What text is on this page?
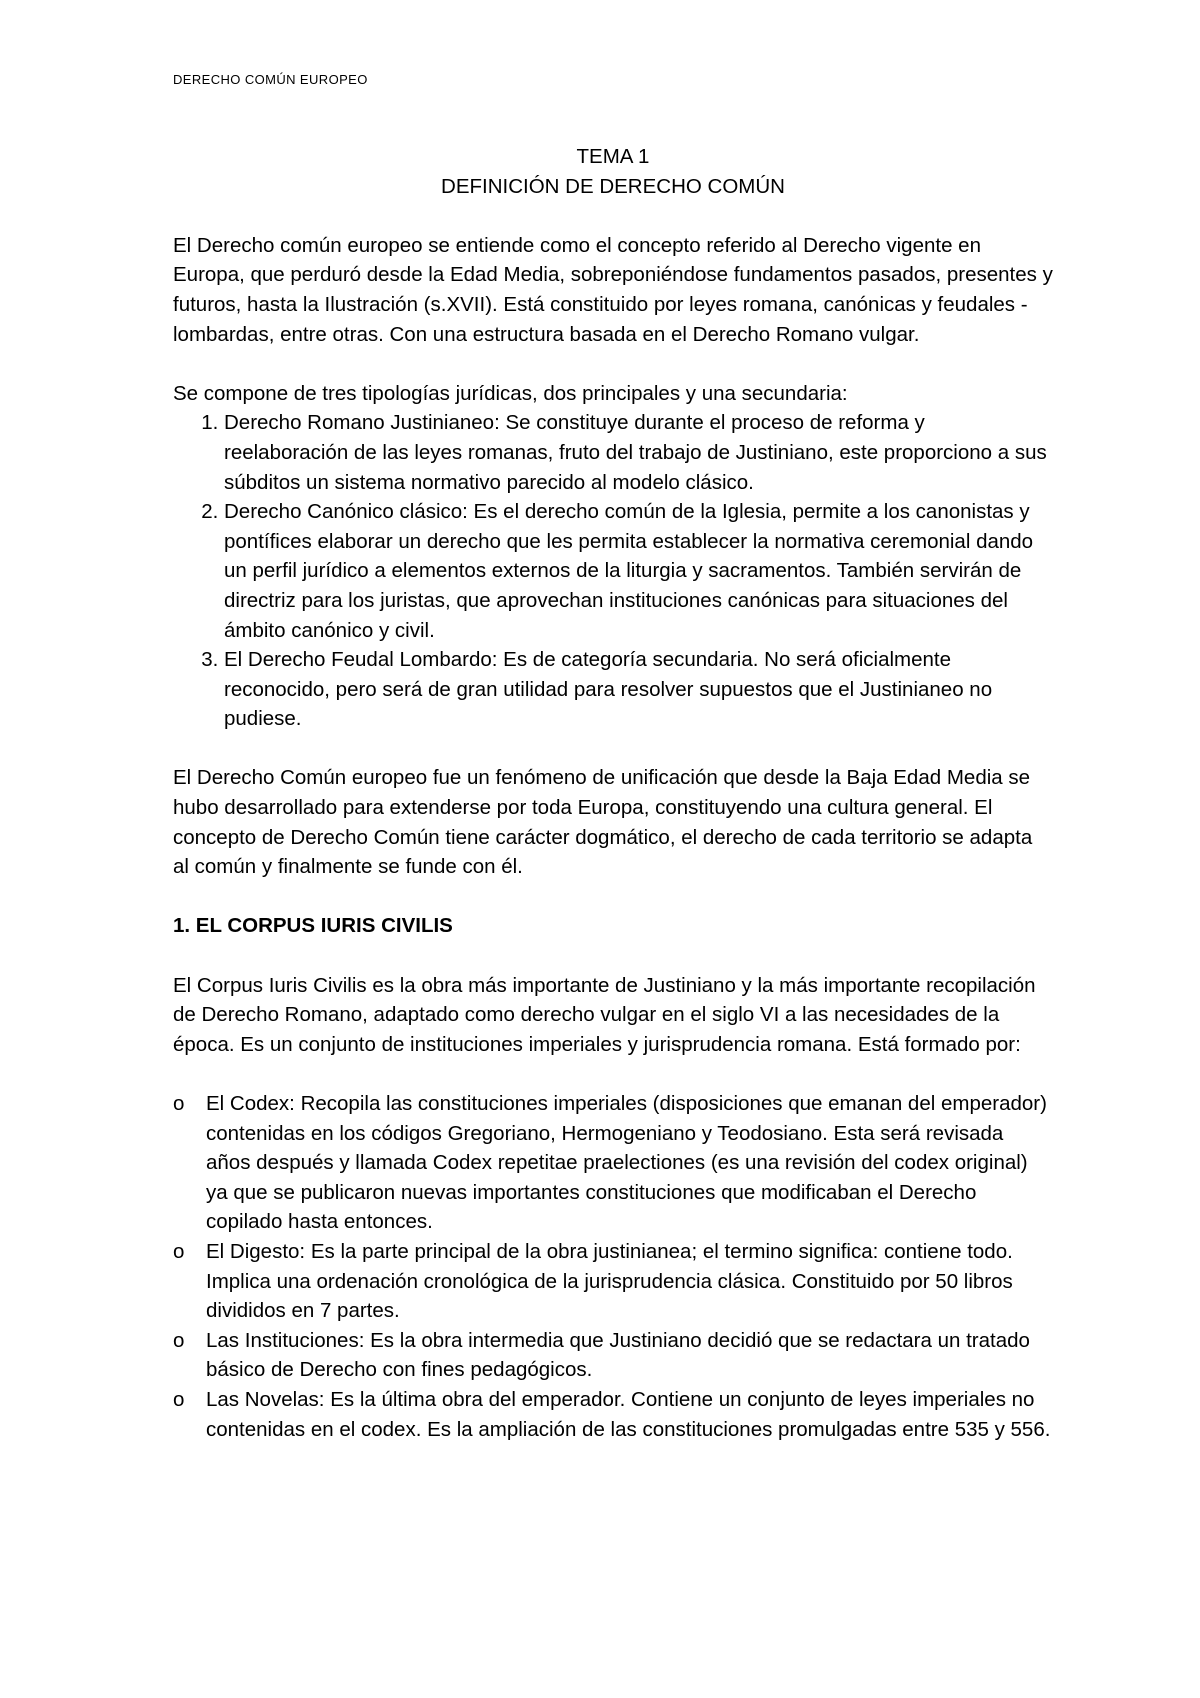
DERECHO COMÚN EUROPEO
TEMA 1
DEFINICIÓN DE DERECHO COMÚN

El Derecho común europeo se entiende como el concepto referido al Derecho vigente en Europa, que perduró desde la Edad Media, sobreponiéndose fundamentos pasados, presentes y futuros, hasta la Ilustración (s.XVII). Está constituido por leyes romana, canónicas y feudales -lombardas, entre otras. Con una estructura basada en el Derecho Romano vulgar.

Se compone de tres tipologías jurídicas, dos principales y una secundaria:

1. Derecho Romano Justinianeo: Se constituye durante el proceso de reforma y reelaboración de las leyes romanas, fruto del trabajo de Justiniano, este proporciono a sus súbditos un sistema normativo parecido al modelo clásico.
2. Derecho Canónico clásico: Es el derecho común de la Iglesia, permite a los canonistas y pontífices elaborar un derecho que les permita establecer la normativa ceremonial dando un perfil jurídico a elementos externos de la liturgia y sacramentos. También servirán de directriz para los juristas, que aprovechan instituciones canónicas para situaciones del ámbito canónico y civil.
3. El Derecho Feudal Lombardo: Es de categoría secundaria. No será oficialmente reconocido, pero será de gran utilidad para resolver supuestos que el Justinianeo no pudiese.

El Derecho Común europeo fue un fenómeno de unificación que desde la Baja Edad Media se hubo desarrollado para extenderse por toda Europa, constituyendo una cultura general. El concepto de Derecho Común tiene carácter dogmático, el derecho de cada territorio se adapta al común y finalmente se funde con él.

1. EL CORPUS IURIS CIVILIS

El Corpus Iuris Civilis es la obra más importante de Justiniano y la más importante recopilación de Derecho Romano, adaptado como derecho vulgar en el siglo VI a las necesidades de la época. Es un conjunto de instituciones imperiales y jurisprudencia romana. Está formado por:

o El Codex: Recopila las constituciones imperiales (disposiciones que emanan del emperador) contenidas en los códigos Gregoriano, Hermogeniano y Teodosiano. Esta será revisada años después y llamada Codex repetitae praelectiones (es una revisión del codex original) ya que se publicaron nuevas importantes constituciones que modificaban el Derecho copilado hasta entonces.
o El Digesto: Es la parte principal de la obra justinianea; el termino significa: contiene todo. Implica una ordenación cronológica de la jurisprudencia clásica. Constituido por 50 libros divididos en 7 partes.
o Las Instituciones: Es la obra intermedia que Justiniano decidió que se redactara un tratado básico de Derecho con fines pedagógicos.
o Las Novelas: Es la última obra del emperador. Contiene un conjunto de leyes imperiales no contenidas en el codex. Es la ampliación de las constituciones promulgadas entre 535 y 556.
